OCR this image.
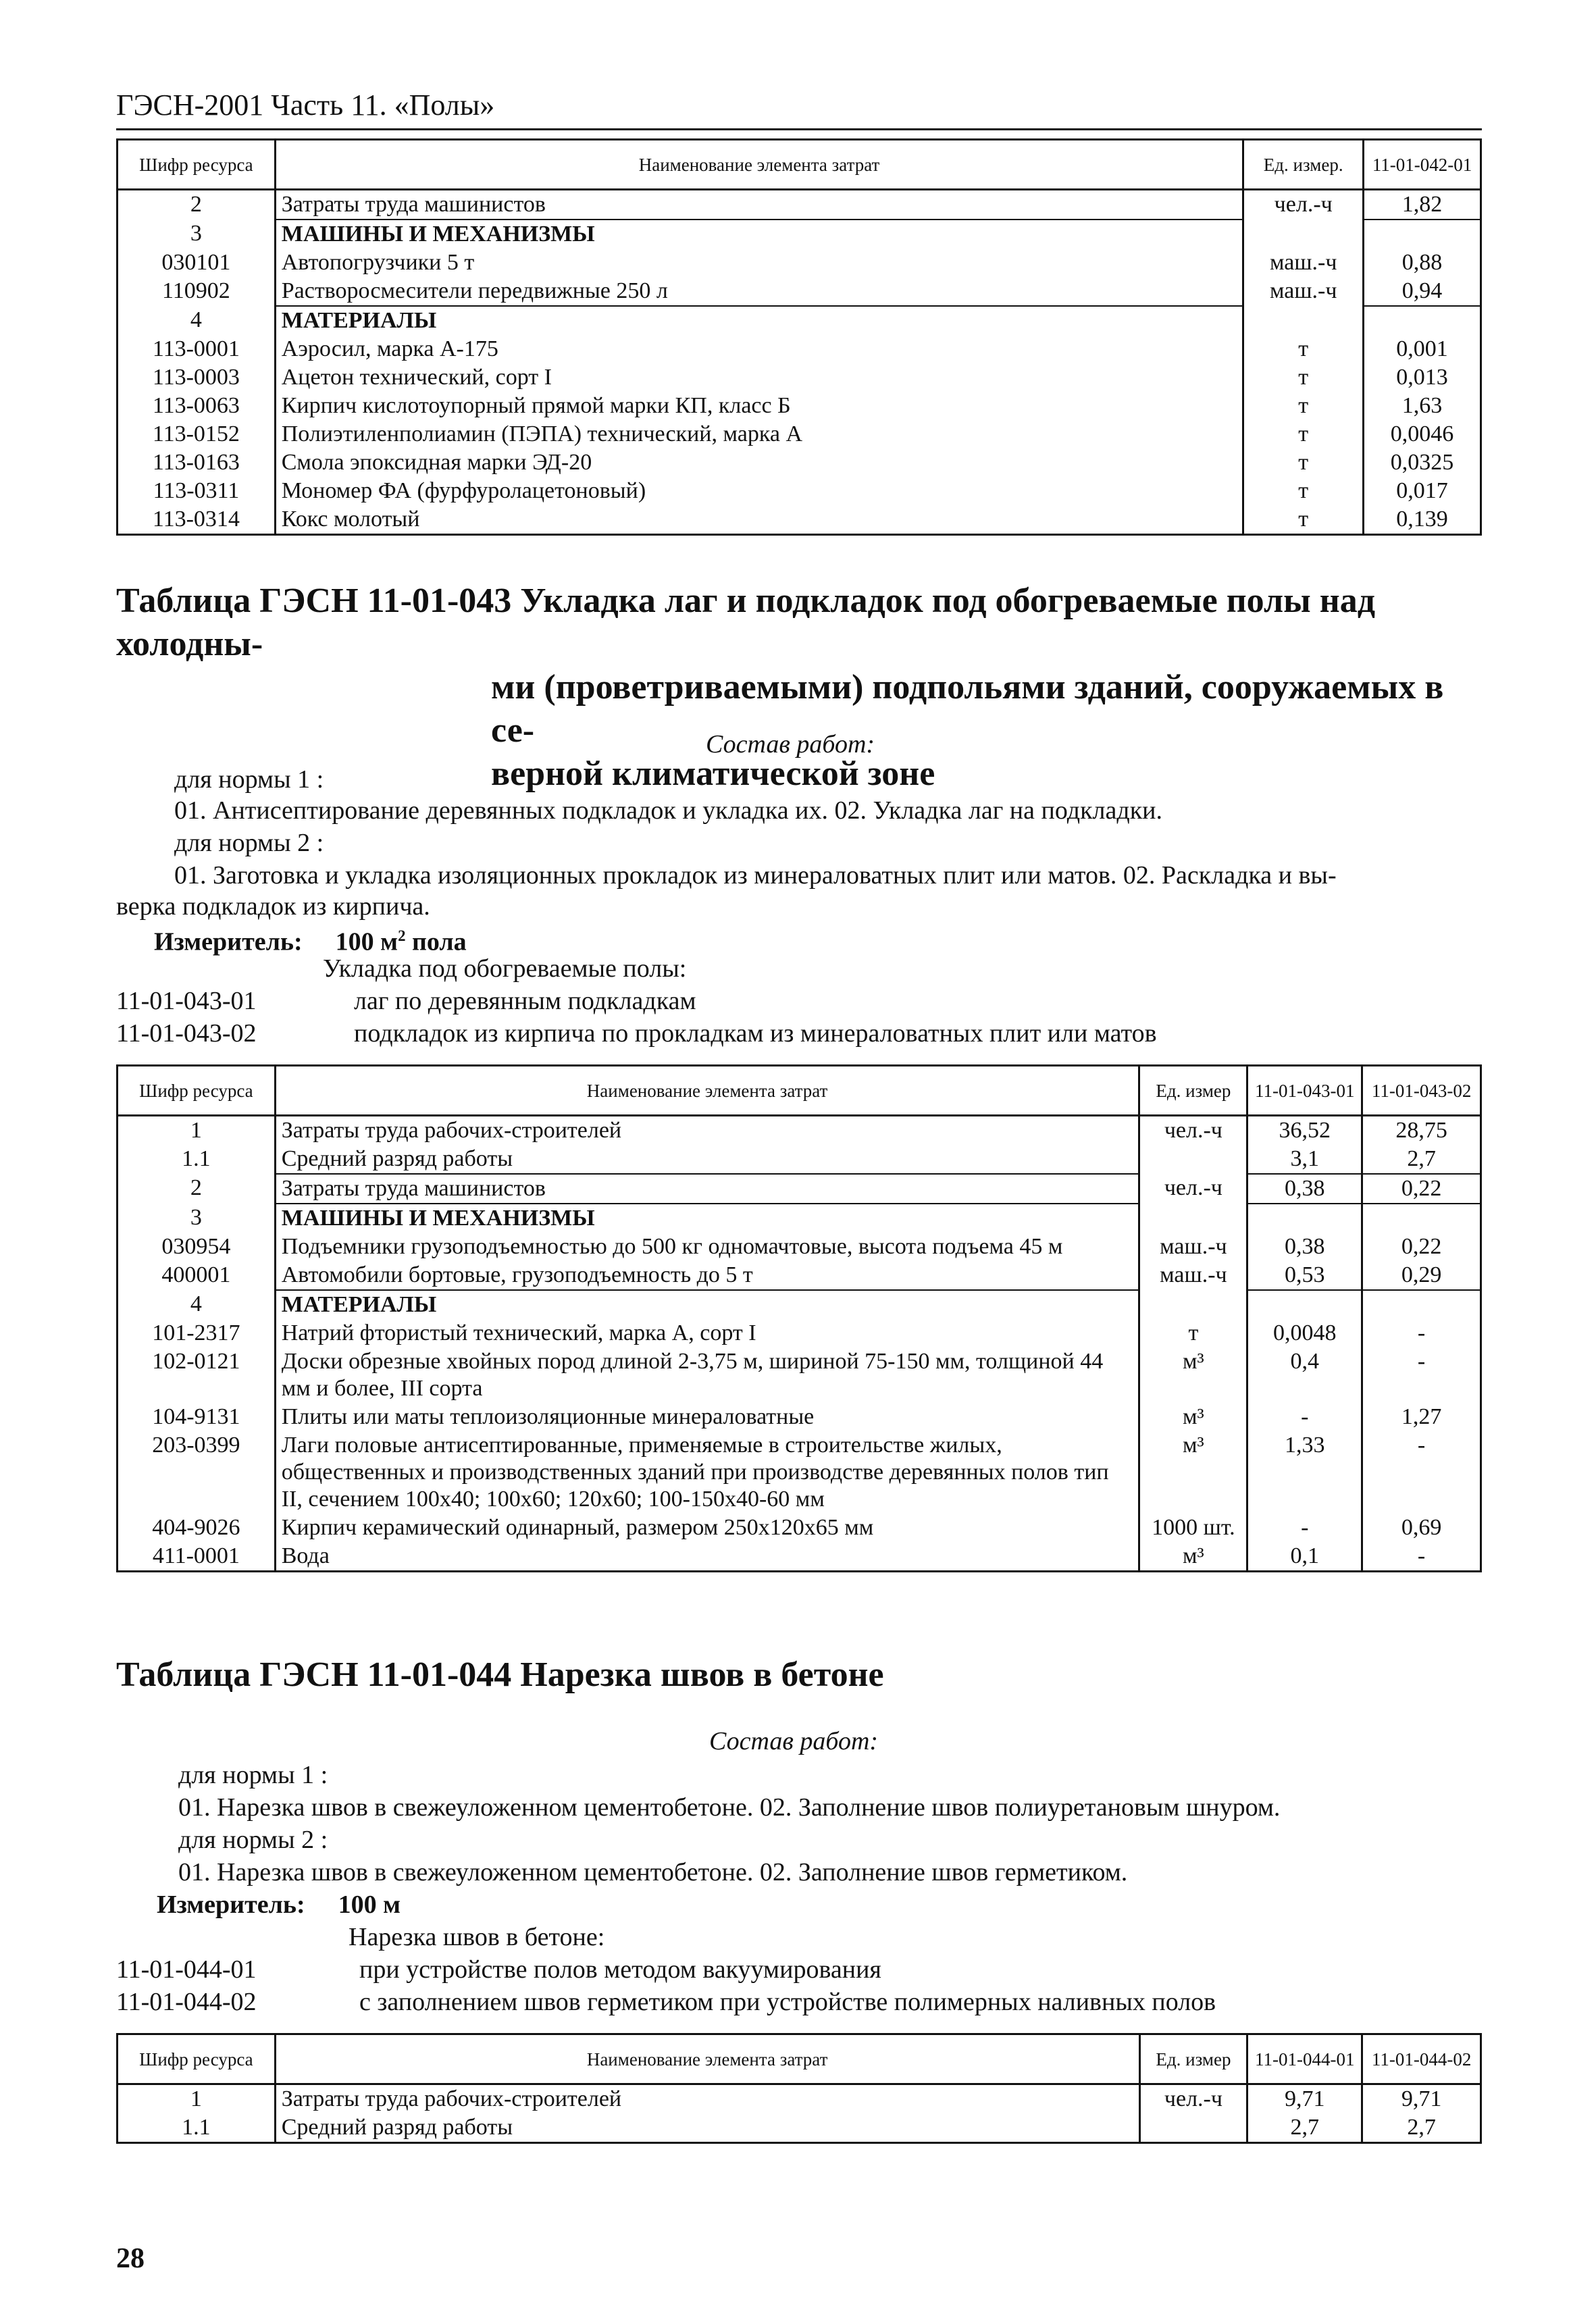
ГЭСН-2001 Часть 11. «Полы»
Шифр ресурса	Наименование элемента затрат	Ед. измер.	11-01-042-01
2	Затраты труда машинистов	чел.-ч	1,82
3	МАШИНЫ И МЕХАНИЗМЫ		
030101	Автопогрузчики 5 т	маш.-ч	0,88
110902	Растворосмесители передвижные 250 л	маш.-ч	0,94
4	МАТЕРИАЛЫ		
113-0001	Аэросил, марка А-175	т	0,001
113-0003	Ацетон технический, сорт I	т	0,013
113-0063	Кирпич кислотоупорный прямой марки КП, класс Б	т	1,63
113-0152	Полиэтиленполиамин (ПЭПА) технический, марка А	т	0,0046
113-0163	Смола эпоксидная марки ЭД-20	т	0,0325
113-0311	Мономер ФА (фурфуролацетоновый)	т	0,017
113-0314	Кокс молотый	т	0,139
Таблица ГЭСН 11-01-043 Укладка лаг и подкладок под обогреваемые полы над холодны-
ми (проветриваемыми) подпольями зданий, сооружаемых в се-
верной климатической зоне
Состав работ:
для нормы 1 :
01. Антисептирование деревянных подкладок и укладка их. 02. Укладка лаг на подкладки.
для нормы 2 :
01. Заготовка и укладка изоляционных прокладок из минераловатных плит или матов. 02. Раскладка и вы-
верка подкладок из кирпича.
Измеритель: 100 $м^2$ пола
Укладка под обогреваемые полы:
11-01-043-01	лаг по деревянным подкладкам
11-01-043-02	подкладок из кирпича по прокладкам из минераловатных плит или матов
Шифр ресурса	Наименование элемента затрат	Ед. измер	11-01-043-01	11-01-043-02
1	Затраты труда рабочих-строителей	чел.-ч	36,52	28,75
1.1	Средний разряд работы		3,1	2,7
2	Затраты труда машинистов	чел.-ч	0,38	0,22
3	МАШИНЫ И МЕХАНИЗМЫ			
030954	Подъемники грузоподъемностью до 500 кг одномачтовые, высота подъема 45 м	маш.-ч	0,38	0,22
400001	Автомобили бортовые, грузоподъемность до 5 т	маш.-ч	0,53	0,29
4	МАТЕРИАЛЫ			
101-2317	Натрий фтористый технический, марка А, сорт I	т	0,0048	-
102-0121	Доски обрезные хвойных пород длиной 2-3,75 м, шириной 75-150 мм, толщиной 44 мм и более, III сорта	м³	0,4	-
104-9131	Плиты или маты теплоизоляционные минераловатные	м³	-	1,27
203-0399	Лаги половые антисептированные, применяемые в строительстве жилых, общественных и производственных зданий при производстве деревянных полов тип II, сечением 100x40; 100x60; 120x60; 100-150x40-60 мм	м³	1,33	-
404-9026	Кирпич керамический одинарный, размером 250x120x65 мм	1000 шт.	-	0,69
411-0001	Вода	м³	0,1	-
Таблица ГЭСН 11-01-044 Нарезка швов в бетоне
Состав работ:
для нормы 1 :
01. Нарезка швов в свежеуложенном цементобетоне. 02. Заполнение швов полиуретановым шнуром.
для нормы 2 :
01. Нарезка швов в свежеуложенном цементобетоне. 02. Заполнение швов герметиком.
Измеритель: 100 м
Нарезка швов в бетоне:
11-01-044-01	при устройстве полов методом вакуумирования
11-01-044-02	с заполнением швов герметиком при устройстве полимерных наливных полов
Шифр ресурса	Наименование элемента затрат	Ед. измер	11-01-044-01	11-01-044-02
1	Затраты труда рабочих-строителей	чел.-ч	9,71	9,71
1.1	Средний разряд работы		2,7	2,7
28
